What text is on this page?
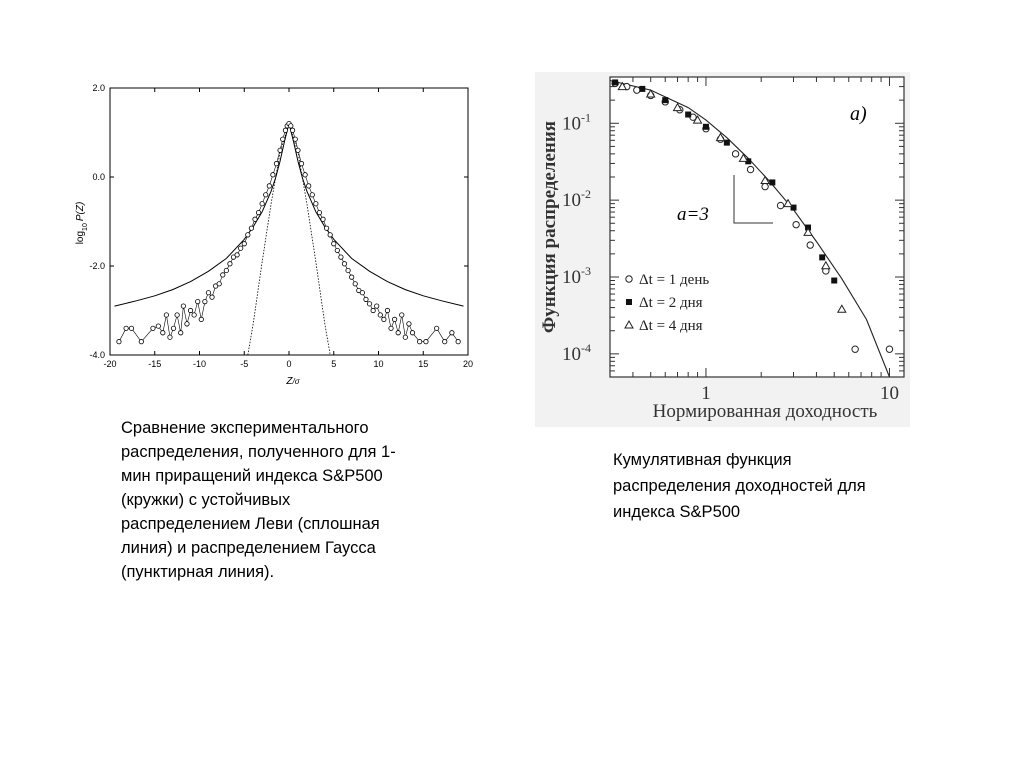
-4.0
-2.0
0.0
2.0
-20	-15	-10	-5	0	5	10	15	20
$\log_{10}P(Z)$
Z/σ
$10^{-1}$
$10^{-2}$
$10^{-3}$
$10^{-4}$
1	10
a=3
a)
Δt = 1 день
Δt = 2 дня
Δt = 4 дня
Функция распределения
Нормированная доходность
Сравнение экспериментального
распределения, полученного для 1-
мин приращений индекса S&P500
(кружки) с устойчивых
распределением Леви (сплошная
линия) и распределением Гаусса
(пунктирная линия).
Кумулятивная функция
распределения доходностей для
индекса S&P500
